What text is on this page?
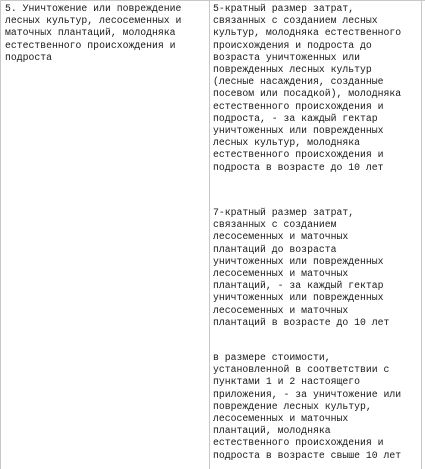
5. Уничтожение или повреждение
лесных культур, лесосеменных и
маточных плантаций, молодняка
естественного происхождения и
подроста
5-кратный размер затрат,
связанных с созданием лесных
культур, молодняка естественного
происхождения и подроста до
возраста уничтоженных или
поврежденных лесных культур
(лесные насаждения, созданные
посевом или посадкой), молодняка
естественного происхождения и
подроста, - за каждый гектар
уничтоженных или поврежденных
лесных культур, молодняка
естественного происхождения и
подроста в возрасте до 10 лет
7-кратный размер затрат,
связанных с созданием
лесосеменных и маточных
плантаций до возраста
уничтоженных или поврежденных
лесосеменных и маточных
плантаций, - за каждый гектар
уничтоженных или поврежденных
лесосеменных и маточных
плантаций в возрасте до 10 лет
в размере стоимости,
установленной в соответствии с
пунктами 1 и 2 настоящего
приложения, - за уничтожение или
повреждение лесных культур,
лесосеменных и маточных
плантаций, молодняка
естественного происхождения и
подроста в возрасте свыше 10 лет
